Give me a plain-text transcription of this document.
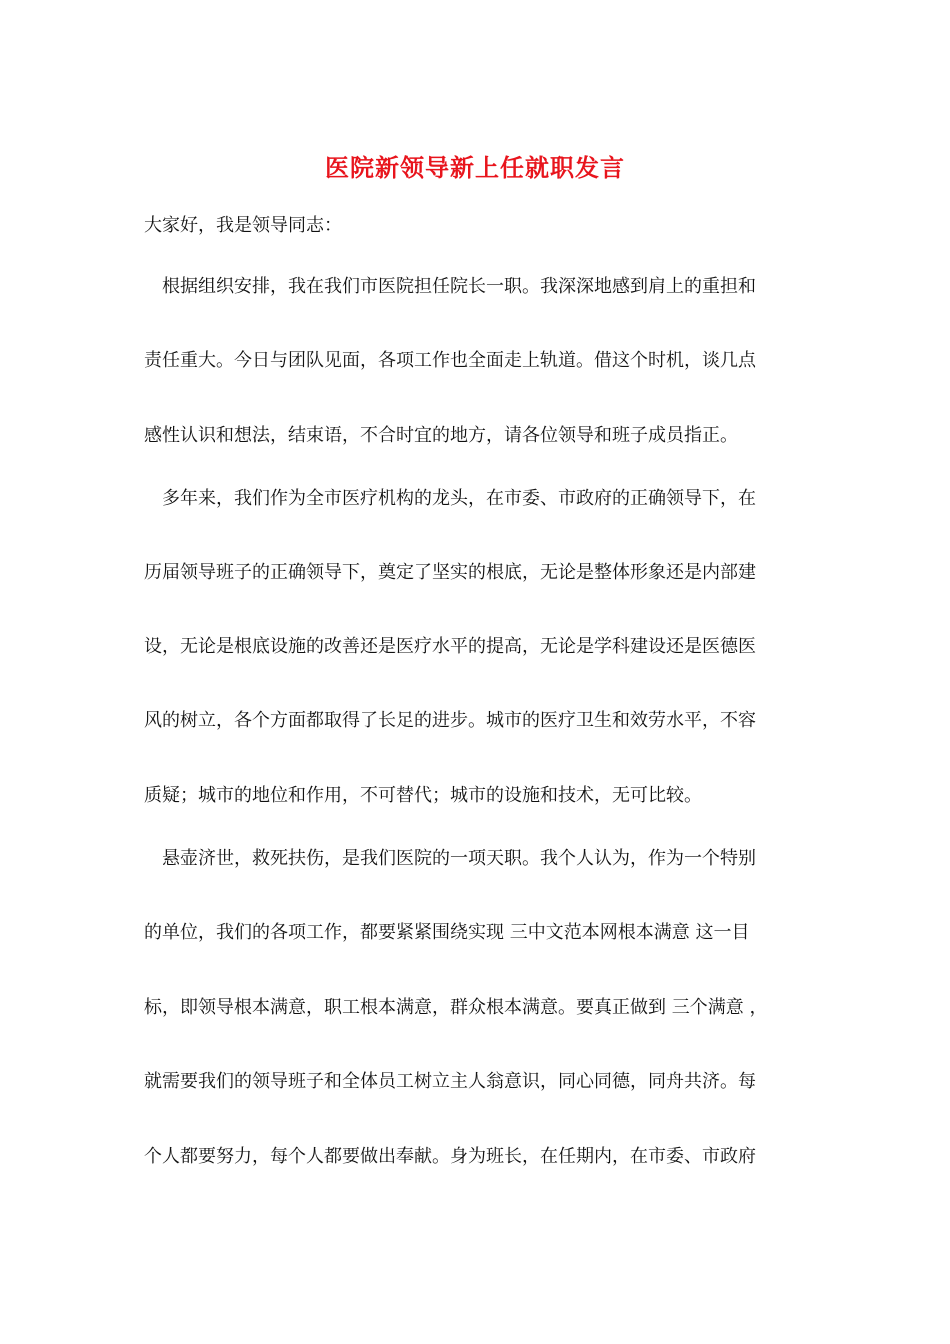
医院新领导新上任就职发言
大家好，我是领导同志：
根据组织安排，我在我们市医院担任院长一职。我深深地感到肩上的重担和
责任重大。今日与团队见面，各项工作也全面走上轨道。借这个时机，谈几点
感性认识和想法，结束语，不合时宜的地方，请各位领导和班子成员指正。
多年来，我们作为全市医疗机构的龙头，在市委、市政府的正确领导下，在
历届领导班子的正确领导下，奠定了坚实的根底，无论是整体形象还是内部建
设，无论是根底设施的改善还是医疗水平的提高，无论是学科建设还是医德医
风的树立，各个方面都取得了长足的进步。城市的医疗卫生和效劳水平，不容
质疑；城市的地位和作用，不可替代；城市的设施和技术，无可比较。
悬壶济世，救死扶伤，是我们医院的一项天职。我个人认为，作为一个特别
的单位，我们的各项工作，都要紧紧围绕实现 三中文范本网根本满意 这一目
标，即领导根本满意，职工根本满意，群众根本满意。要真正做到 三个满意 ，
就需要我们的领导班子和全体员工树立主人翁意识，同心同德，同舟共济。每
个人都要努力，每个人都要做出奉献。身为班长，在任期内，在市委、市政府
